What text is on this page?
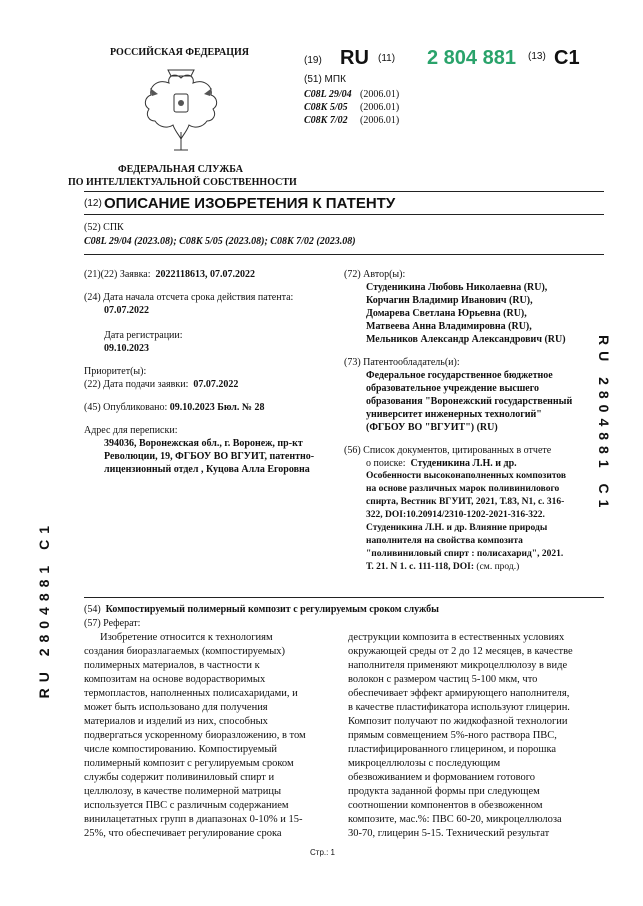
РОССИЙСКАЯ ФЕДЕРАЦИЯ
(19) RU (11) 2 804 881 (13) C1
(51) МПК
C08L 29/04 (2006.01)
C08K 5/05 (2006.01)
C08K 7/02 (2006.01)
ФЕДЕРАЛЬНАЯ СЛУЖБА
ПО ИНТЕЛЛЕКТУАЛЬНОЙ СОБСТВЕННОСТИ
(12) ОПИСАНИЕ ИЗОБРЕТЕНИЯ К ПАТЕНТУ
(52) СПК
C08L 29/04 (2023.08); C08K 5/05 (2023.08); C08K 7/02 (2023.08)
(21)(22) Заявка: 2022118613, 07.07.2022
(24) Дата начала отсчета срока действия патента:
07.07.2022
Дата регистрации:
09.10.2023
Приоритет(ы):
(22) Дата подачи заявки: 07.07.2022
(45) Опубликовано: 09.10.2023 Бюл. № 28
Адрес для переписки:
394036, Воронежская обл., г. Воронеж, пр-кт
Революции, 19, ФГБОУ ВО ВГУИТ, патентно-
лицензионный отдел , Куцова Алла Егоровна
(72) Автор(ы):
Студеникина Любовь Николаевна (RU),
Корчагин Владимир Иванович (RU),
Домарева Светлана Юрьевна (RU),
Матвеева Анна Владимировна (RU),
Мельников Александр Александрович (RU)
(73) Патентообладатель(и):
Федеральное государственное бюджетное
образовательное учреждение высшего
образования "Воронежский государственный
университет инженерных технологий"
(ФГБОУ ВО "ВГУИТ") (RU)
(56) Список документов, цитированных в отчете
о поиске: Студеникина Л.Н. и др.
Особенности высоконаполненных композитов
на основе различных марок поливинилового
спирта, Вестник ВГУИТ, 2021, Т.83, N1, с. 316-
322, DOI:10.20914/2310-1202-2021-316-322.
Студеникина Л.Н. и др. Влияние природы
наполнителя на свойства композита
"поливиниловый спирт : полисахарид", 2021.
Т. 21. N 1. с. 111-118, DOI: (см. прод.)
RU 2804881 C1
RU 2804881 C1	(54) Компостируемый полимерный композит с регулируемым сроком службы
(57) Реферат:
Изобретение относится к технологиям
создания биоразлагаемых (компостируемых)
полимерных материалов, в частности к
композитам на основе водорастворимых
термопластов, наполненных полисахаридами, и
может быть использовано для получения
материалов и изделий из них, способных
подвергаться ускоренному биоразложению, в том
числе компостированию. Компостируемый
полимерный композит с регулируемым сроком
службы содержит поливиниловый спирт и
целлюлозу, в качестве полимерной матрицы
используется ПВС с различным содержанием
винилацетатных групп в диапазонах 0-10% и 15-
25%, что обеспечивает регулирование срока
деструкции композита в естественных условиях
окружающей среды от 2 до 12 месяцев, в качестве
наполнителя применяют микроцеллюлозу в виде
волокон с размером частиц 5-100 мкм, что
обеспечивает эффект армирующего наполнителя,
в качестве пластификатора используют глицерин.
Композит получают по жидкофазной технологии
прямым совмещением 5%-ного раствора ПВС,
пластифицированного глицерином, и порошка
микроцеллюлозы с последующим
обезвоживанием и формованием готового
продукта заданной формы при следующем
соотношении компонентов в обезвоженном
композите, мас.%: ПВС 60-20, микроцеллюлоза
30-70, глицерин 5-15. Технический результат
Стр.: 1
